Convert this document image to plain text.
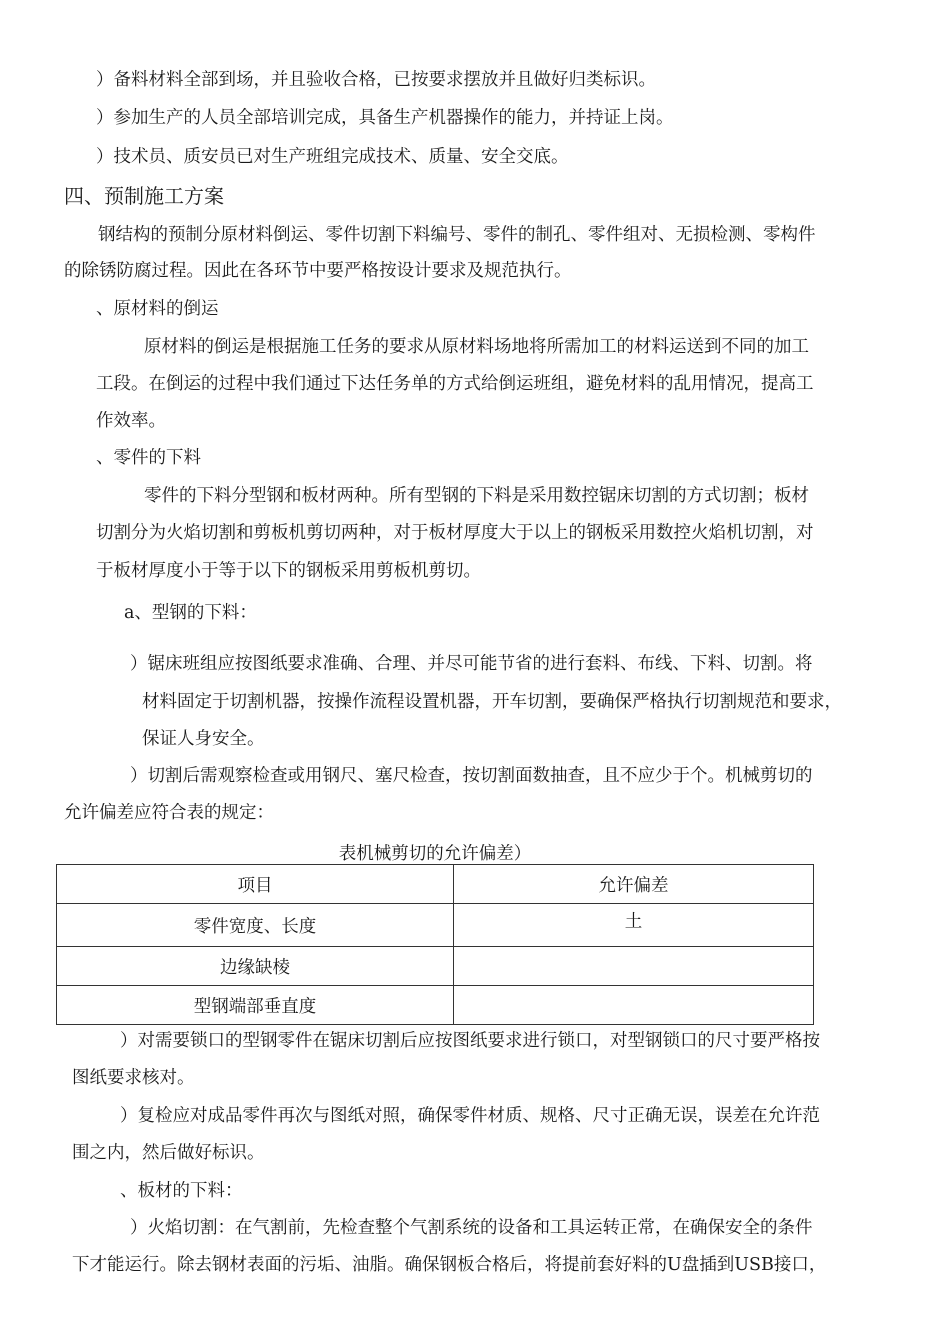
）备料材料全部到场，并且验收合格，已按要求摆放并且做好归类标识。
）参加生产的人员全部培训完成，具备生产机器操作的能力，并持证上岗。
）技术员、质安员已对生产班组完成技术、质量、安全交底。
四、预制施工方案
钢结构的预制分原材料倒运、零件切割下料编号、零件的制孔、零件组对、无损检测、零构件
的除锈防腐过程。因此在各环节中要严格按设计要求及规范执行。
、原材料的倒运
原材料的倒运是根据施工任务的要求从原材料场地将所需加工的材料运送到不同的加工
工段。在倒运的过程中我们通过下达任务单的方式给倒运班组，避免材料的乱用情况，提高工
作效率。
、零件的下料
零件的下料分型钢和板材两种。所有型钢的下料是采用数控锯床切割的方式切割；板材
切割分为火焰切割和剪板机剪切两种，对于板材厚度大于以上的钢板采用数控火焰机切割，对
于板材厚度小于等于以下的钢板采用剪板机剪切。
a、型钢的下料：
）锯床班组应按图纸要求准确、合理、并尽可能节省的进行套料、布线、下料、切割。将
材料固定于切割机器，按操作流程设置机器，开车切割，要确保严格执行切割规范和要求，
保证人身安全。
）切割后需观察检查或用钢尺、塞尺检查，按切割面数抽查，且不应少于个。机械剪切的
允许偏差应符合表的规定：
表机械剪切的允许偏差）
项目	允许偏差
零件宽度、长度	土
边缘缺棱	
型钢端部垂直度	
）对需要锁口的型钢零件在锯床切割后应按图纸要求进行锁口，对型钢锁口的尺寸要严格按
图纸要求核对。
）复检应对成品零件再次与图纸对照，确保零件材质、规格、尺寸正确无误，误差在允许范
围之内，然后做好标识。
、板材的下料：
）火焰切割：在气割前，先检查整个气割系统的设备和工具运转正常，在确保安全的条件
下才能运行。除去钢材表面的污垢、油脂。确保钢板合格后，将提前套好料的U盘插到USB接口，
